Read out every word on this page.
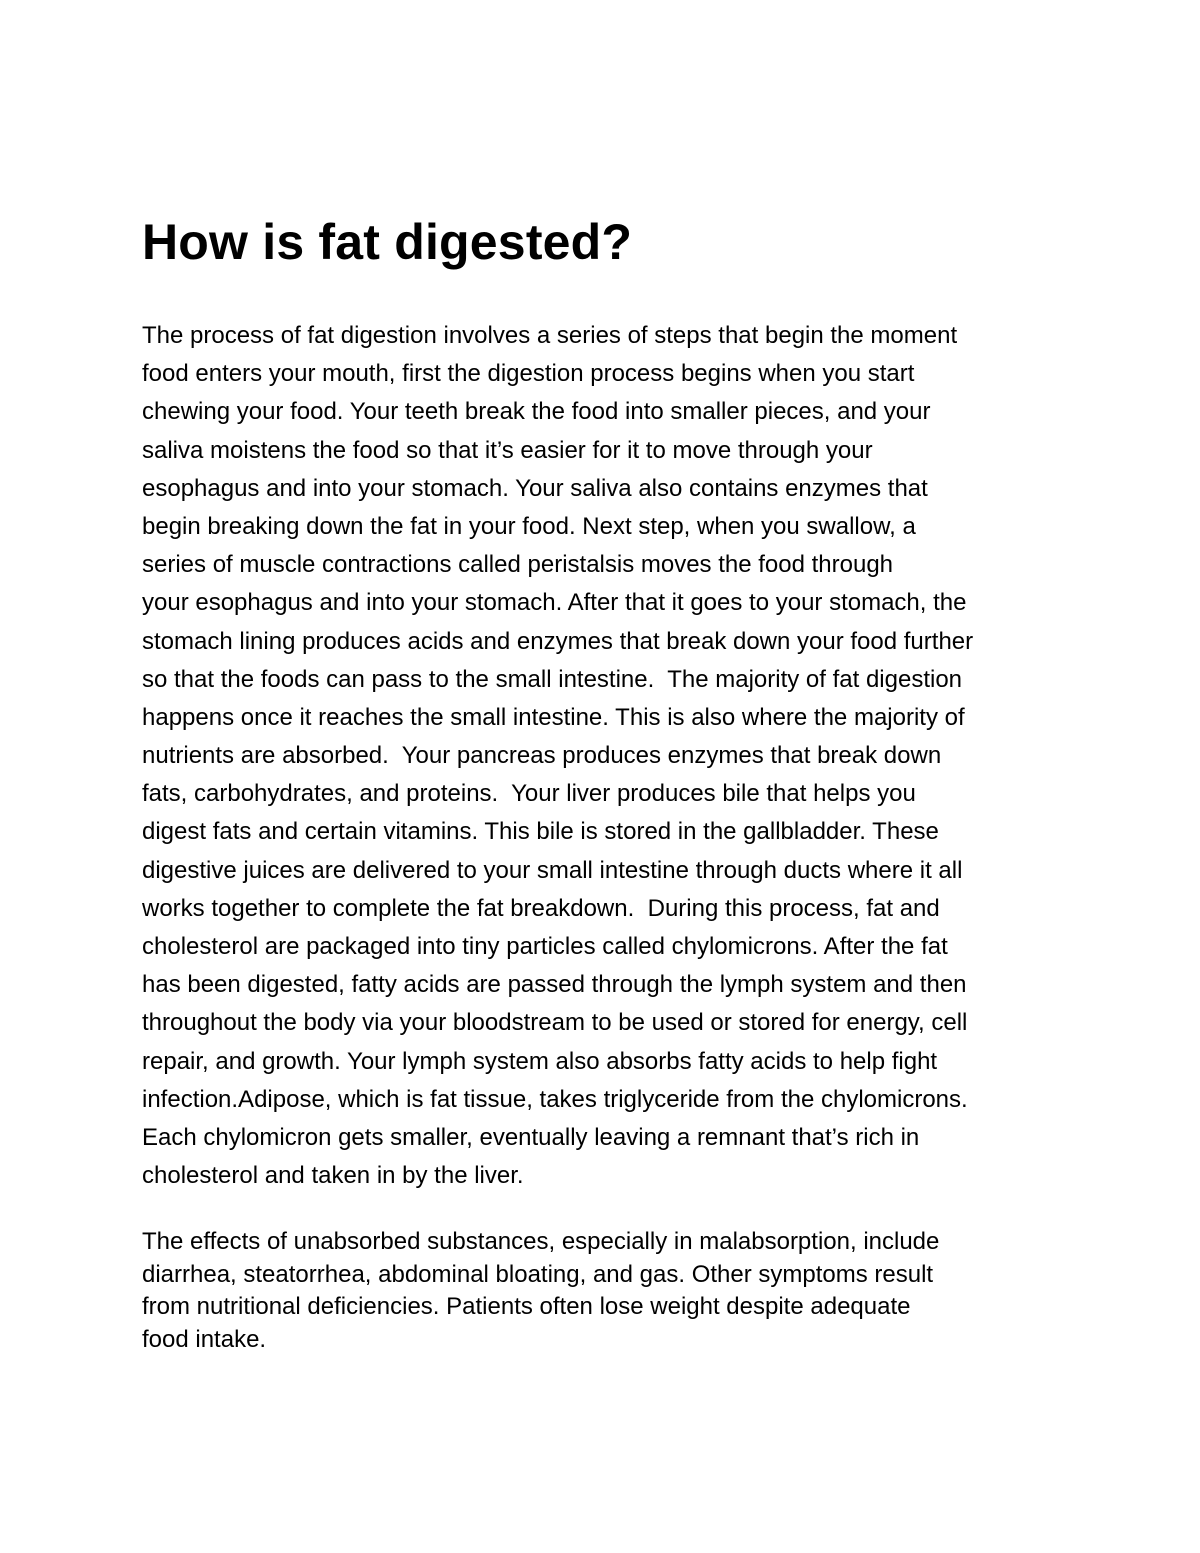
How is fat digested?
The process of fat digestion involves a series of steps that begin the moment
food enters your mouth, first the digestion process begins when you start
chewing your food. Your teeth break the food into smaller pieces, and your
saliva moistens the food so that it’s easier for it to move through your
esophagus and into your stomach. Your saliva also contains enzymes that
begin breaking down the fat in your food. Next step, when you swallow, a
series of muscle contractions called peristalsis moves the food through
your esophagus and into your stomach. After that it goes to your stomach, the
stomach lining produces acids and enzymes that break down your food further
so that the foods can pass to the small intestine.  The majority of fat digestion
happens once it reaches the small intestine. This is also where the majority of
nutrients are absorbed.  Your pancreas produces enzymes that break down
fats, carbohydrates, and proteins.  Your liver produces bile that helps you
digest fats and certain vitamins. This bile is stored in the gallbladder. These
digestive juices are delivered to your small intestine through ducts where it all
works together to complete the fat breakdown.  During this process, fat and
cholesterol are packaged into tiny particles called chylomicrons. After the fat
has been digested, fatty acids are passed through the lymph system and then
throughout the body via your bloodstream to be used or stored for energy, cell
repair, and growth. Your lymph system also absorbs fatty acids to help fight
infection.Adipose, which is fat tissue, takes triglyceride from the chylomicrons.
Each chylomicron gets smaller, eventually leaving a remnant that’s rich in
cholesterol and taken in by the liver.
The effects of unabsorbed substances, especially in malabsorption, include
diarrhea, steatorrhea, abdominal bloating, and gas. Other symptoms result
from nutritional deficiencies. Patients often lose weight despite adequate
food intake.
